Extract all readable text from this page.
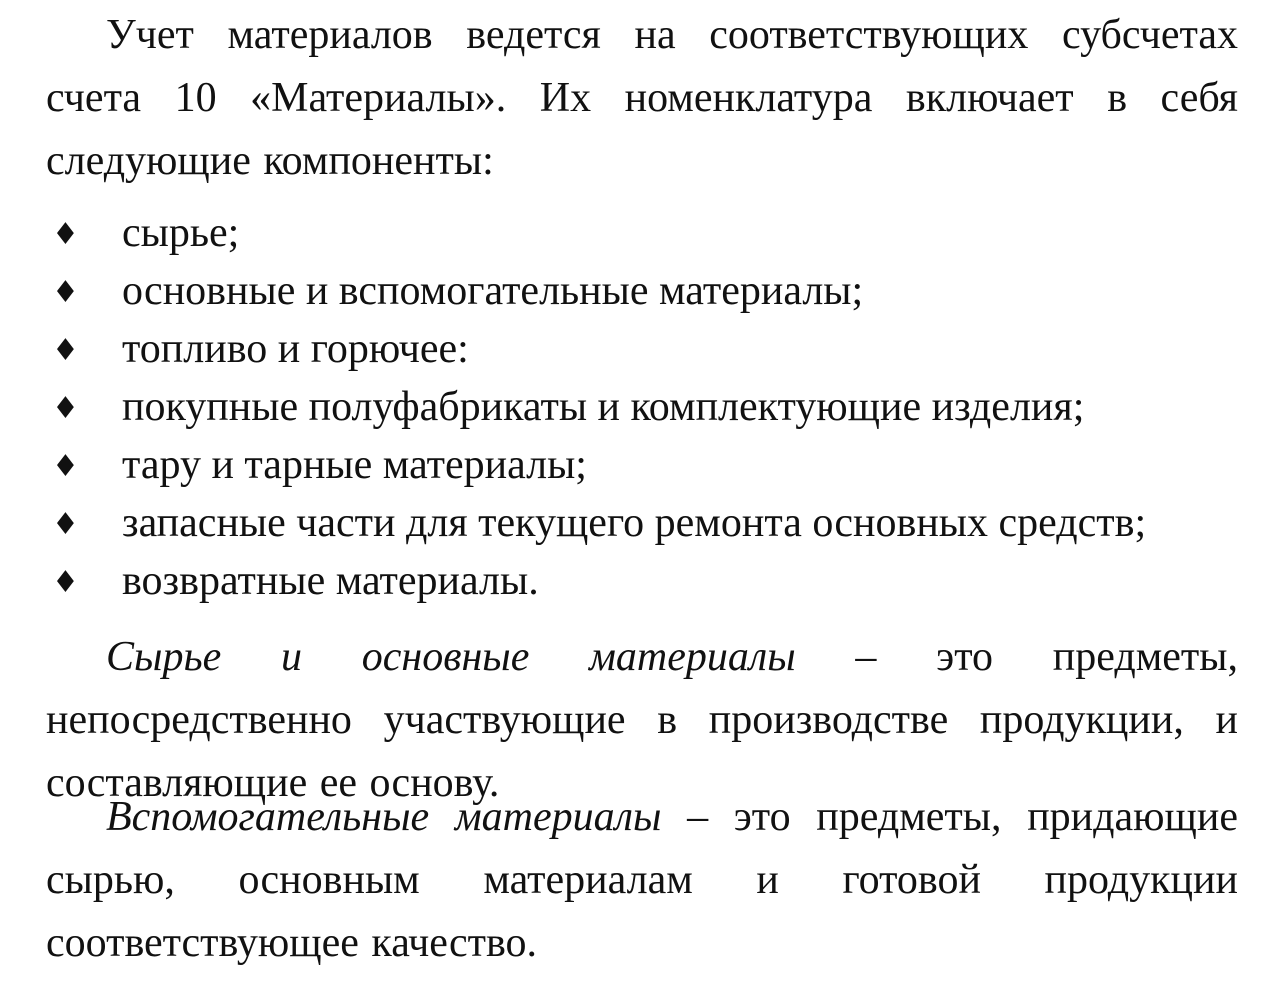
Учет материалов ведется на соответствующих субсчетах счета 10 «Материалы». Их номенклатура включает в себя следующие компоненты:

♦ сырье;
♦ основные и вспомогательные материалы;
♦ топливо и горючее:
♦ покупные полуфабрикаты и комплектующие изделия;
♦ тару и тарные материалы;
♦ запасные части для текущего ремонта основных средств;
♦ возвратные материалы.

Сырье и основные материалы – это предметы, непосредственно участвующие в производстве продукции, и составляющие ее основу.

Вспомогательные материалы – это предметы, придающие сырью, основным материалам и готовой продукции соответствующее качество.
